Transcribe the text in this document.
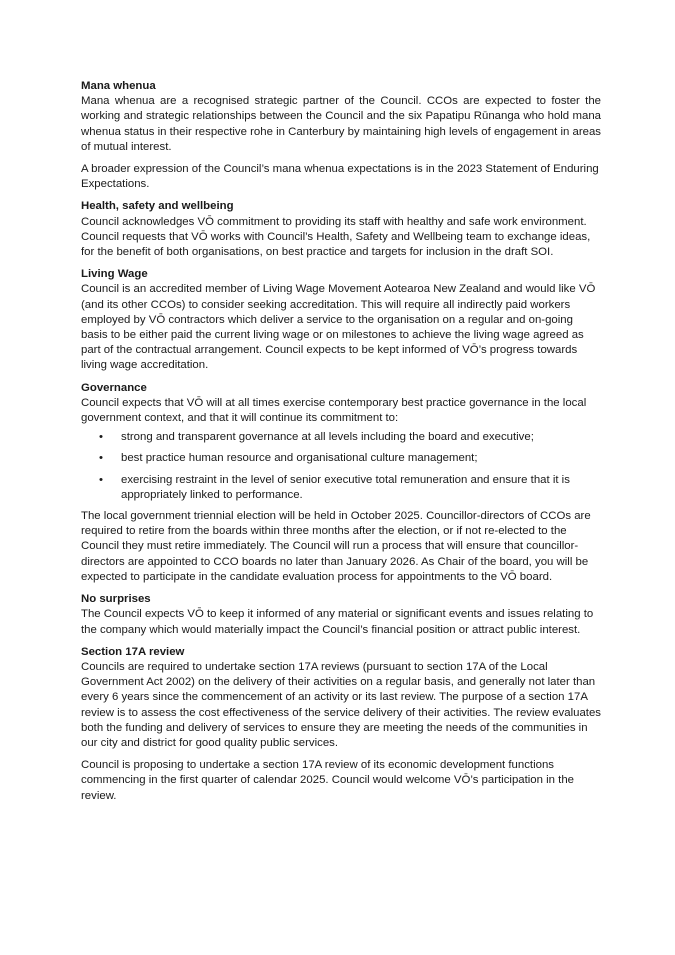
Mana whenua

Mana whenua are a recognised strategic partner of the Council. CCOs are expected to foster the working and strategic relationships between the Council and the six Papatipu Rūnanga who hold mana whenua status in their respective rohe in Canterbury by maintaining high levels of engagement in areas of mutual interest.

A broader expression of the Council’s mana whenua expectations is in the 2023 Statement of Enduring Expectations.

Health, safety and wellbeing

Council acknowledges VŌ commitment to providing its staff with healthy and safe work environment. Council requests that VŌ works with Council’s Health, Safety and Wellbeing team to exchange ideas, for the benefit of both organisations, on best practice and targets for inclusion in the draft SOI.

Living Wage

Council is an accredited member of Living Wage Movement Aotearoa New Zealand and would like VŌ (and its other CCOs) to consider seeking accreditation. This will require all indirectly paid workers employed by VŌ contractors which deliver a service to the organisation on a regular and on-going basis to be either paid the current living wage or on milestones to achieve the living wage agreed as part of the contractual arrangement. Council expects to be kept informed of VŌ’s progress towards living wage accreditation.

Governance

Council expects that VŌ will at all times exercise contemporary best practice governance in the local government context, and that it will continue its commitment to:

• strong and transparent governance at all levels including the board and executive;
• best practice human resource and organisational culture management;
• exercising restraint in the level of senior executive total remuneration and ensure that it is appropriately linked to performance.

The local government triennial election will be held in October 2025. Councillor-directors of CCOs are required to retire from the boards within three months after the election, or if not re-elected to the Council they must retire immediately. The Council will run a process that will ensure that councillor-directors are appointed to CCO boards no later than January 2026. As Chair of the board, you will be expected to participate in the candidate evaluation process for appointments to the VŌ board.

No surprises

The Council expects VŌ to keep it informed of any material or significant events and issues relating to the company which would materially impact the Council’s financial position or attract public interest.

Section 17A review

Councils are required to undertake section 17A reviews (pursuant to section 17A of the Local Government Act 2002) on the delivery of their activities on a regular basis, and generally not later than every 6 years since the commencement of an activity or its last review. The purpose of a section 17A review is to assess the cost effectiveness of the service delivery of their activities. The review evaluates both the funding and delivery of services to ensure they are meeting the needs of the communities in our city and district for good quality public services.

Council is proposing to undertake a section 17A review of its economic development functions commencing in the first quarter of calendar 2025. Council would welcome VŌ’s participation in the review.
